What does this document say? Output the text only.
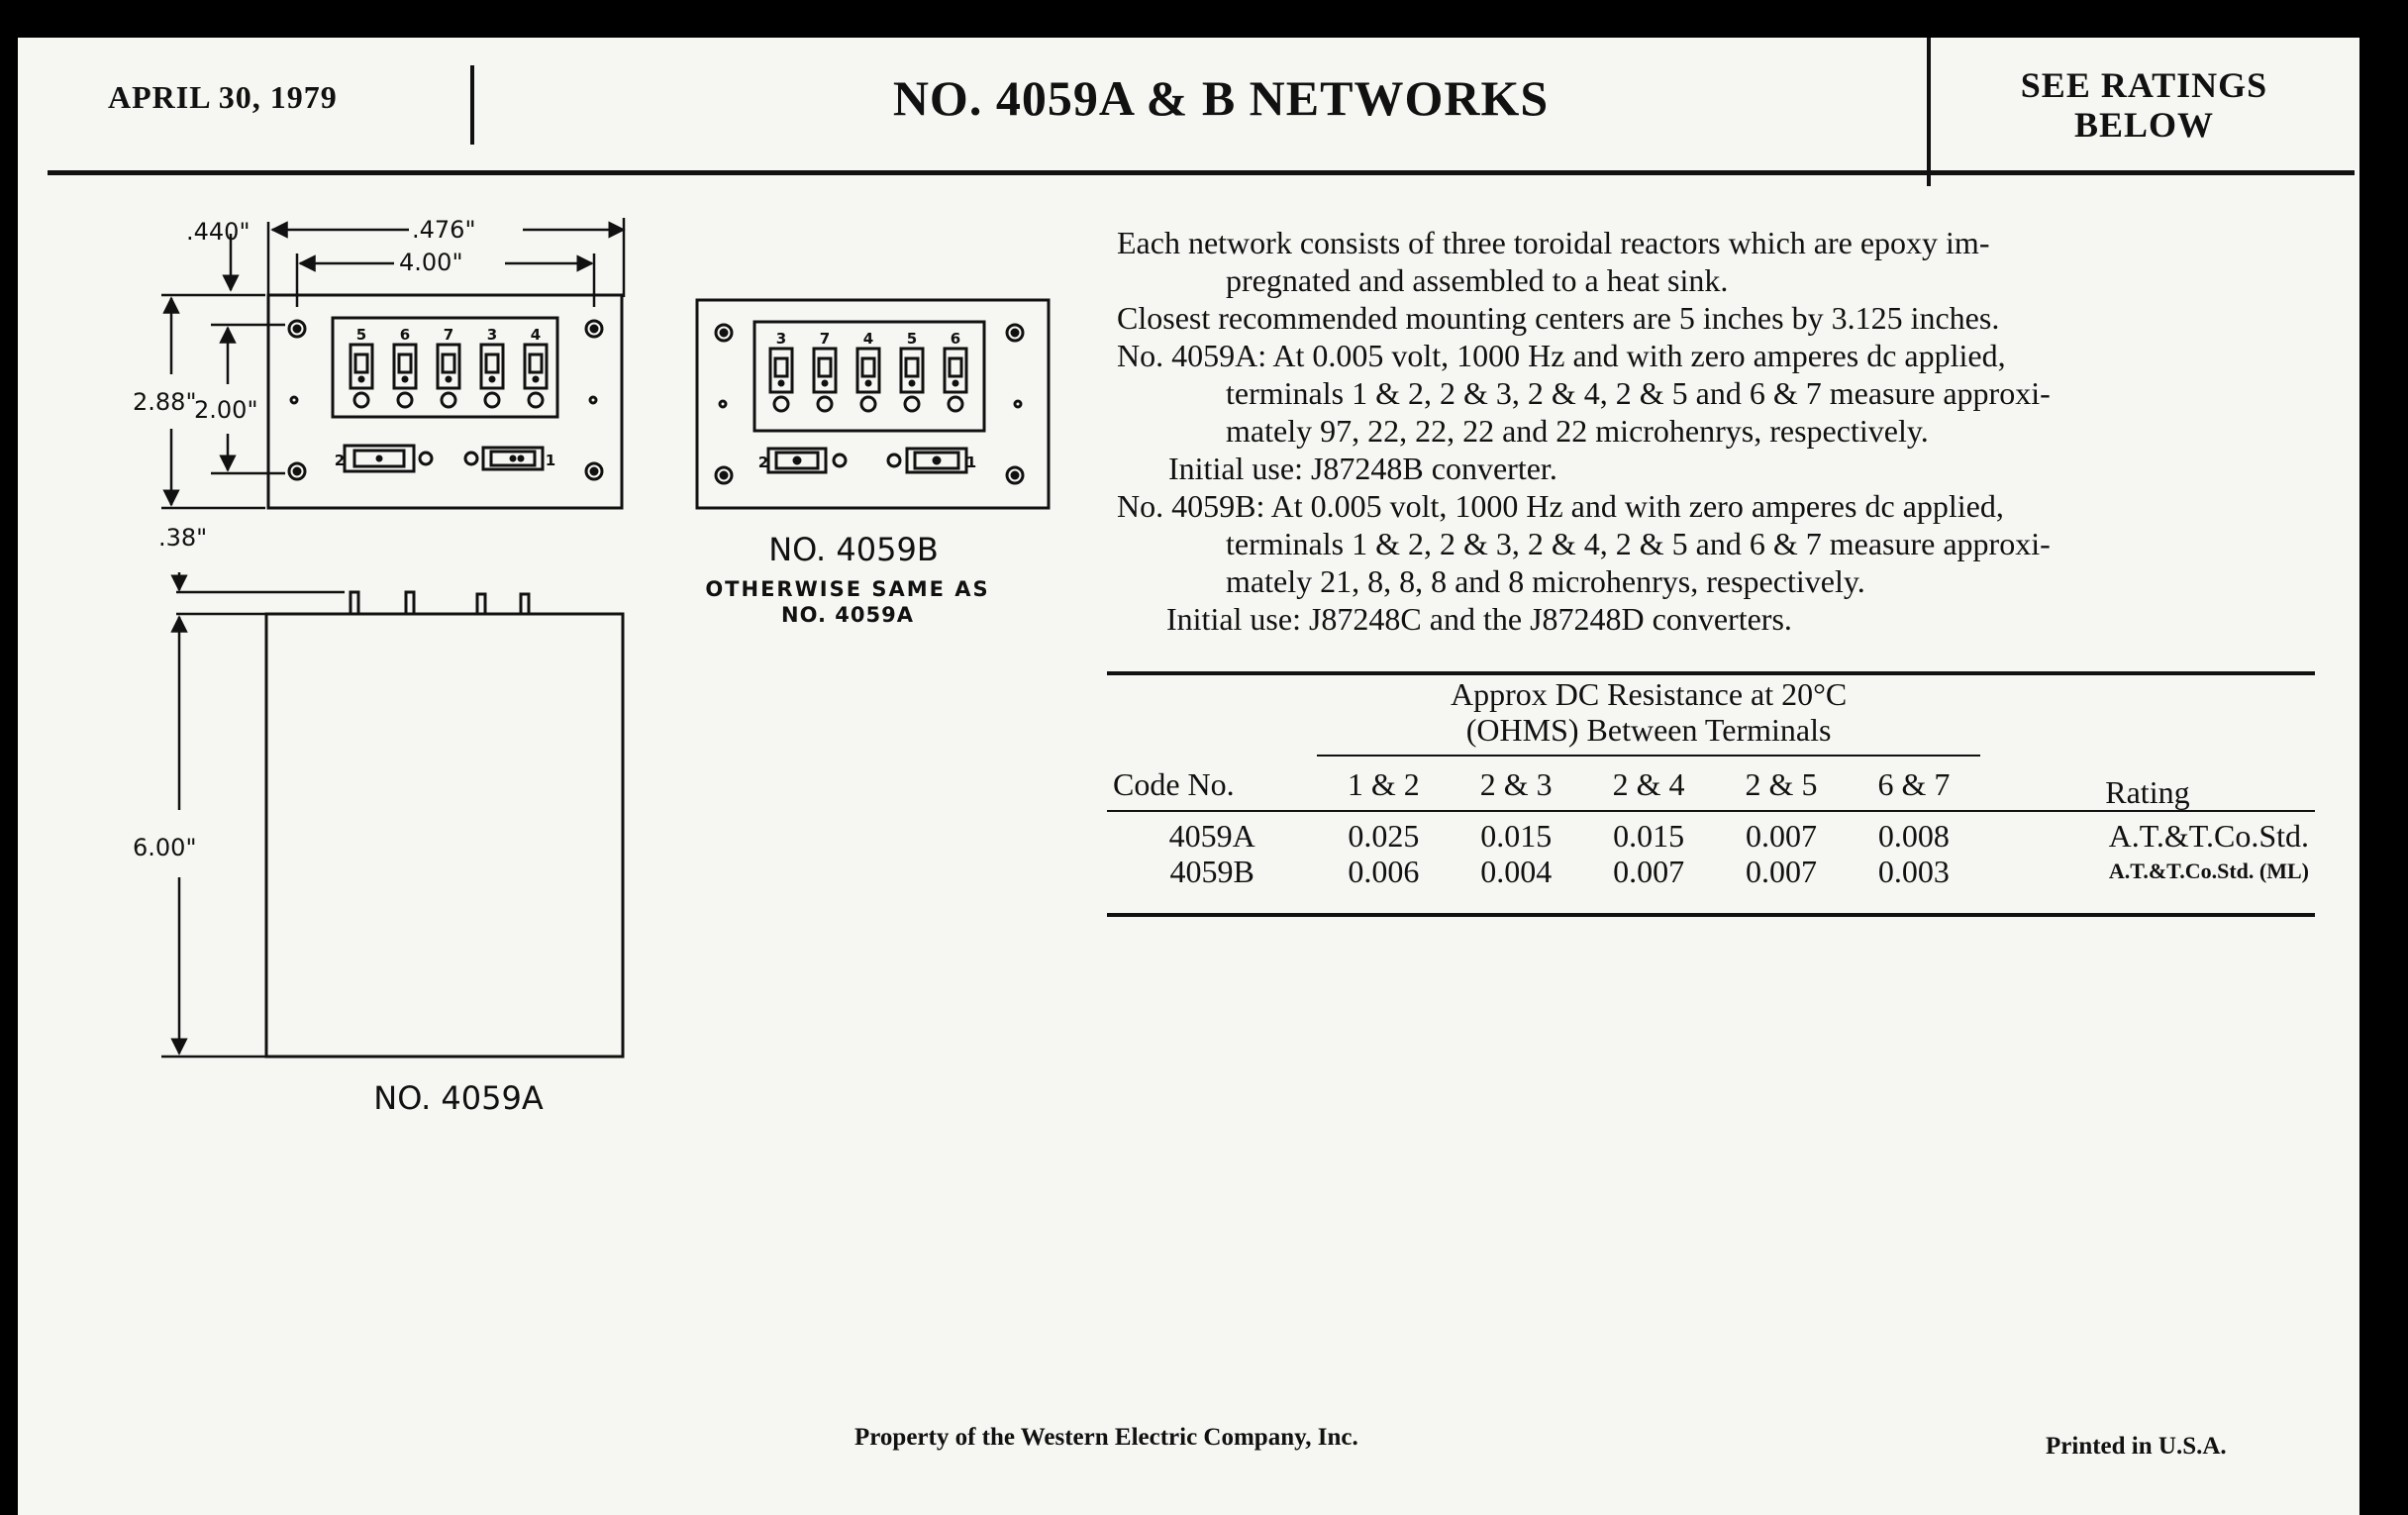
APRIL 30, 1979	NO. 4059A & B NETWORKS	SEE RATINGS
BELOW
.440"	.476"
4.00"
2.88"
2.00"
.38"
6.00"
5 6 7 3 4	3 7 4 5 6
2	1	2	1
NO. 4059A
NO. 4059B
OTHERWISE SAME AS
NO. 4059A

Each network consists of three toroidal reactors which are epoxy im-

pregnated and assembled to a heat sink.

Closest recommended mounting centers are 5 inches by 3.125 inches.

No. 4059A: At 0.005 volt, 1000 Hz and with zero amperes dc applied,

terminals 1 & 2, 2 & 3, 2 & 4, 2 & 5 and 6 & 7 measure approxi-

mately 97, 22, 22, 22 and 22 microhenrys, respectively.

Initial use: J87248B converter.

No. 4059B: At 0.005 volt, 1000 Hz and with zero amperes dc applied,

terminals 1 & 2, 2 & 3, 2 & 4, 2 & 5 and 6 & 7 measure approxi-

mately 21, 8, 8, 8 and 8 microhenrys, respectively.

Initial use: J87248C and the J87248D converters.

	Approx DC Resistance at 20°C					
	(OHMS) Between Terminals					
Code No.	1 & 2	2 & 3	2 & 4	2 & 5	6 & 7	Rating
4059A	0.025	0.015	0.015	0.007	0.008	A.T.&T.Co.Std.
4059B	0.006	0.004	0.007	0.007	0.003	A.T.&T.Co.Std. (ML)
Property of the Western Electric Company, Inc.	Printed in U.S.A.
